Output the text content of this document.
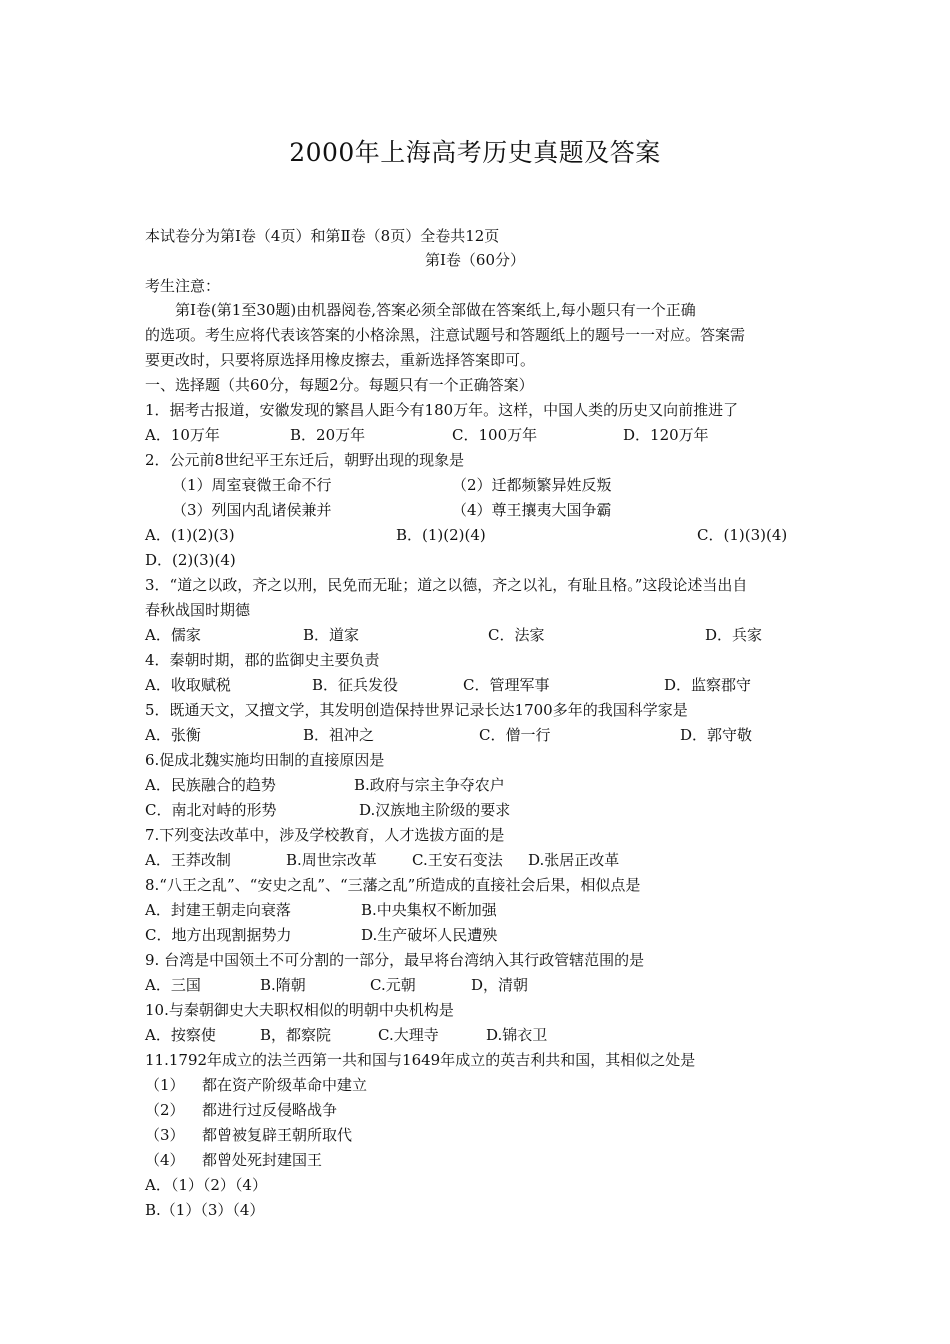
2000年上海高考历史真题及答案
本试卷分为第Ⅰ卷（4页）和第Ⅱ卷（8页）全卷共12页
第Ⅰ卷（60分）
考生注意：
第Ⅰ卷(第1至30题)由机器阅卷,答案必须全部做在答案纸上,每小题只有一个正确
的选项。考生应将代表该答案的小格涂黑，注意试题号和答题纸上的题号一一对应。答案需
要更改时，只要将原选择用橡皮擦去，重新选择答案即可。
一、选择题（共60分，每题2分。每题只有一个正确答案）
1．据考古报道，安徽发现的繁昌人距今有180万年。这样，中国人类的历史又向前推进了
A．10万年	B．20万年	C．100万年	D．120万年
2．公元前8世纪平王东迁后，朝野出现的现象是
（1）周室衰微王命不行	（2）迁都频繁异姓反叛
（3）列国内乱诸侯兼并	（4）尊王攘夷大国争霸
A．(1)(2)(3)	B．(1)(2)(4)	C．(1)(3)(4)
D．(2)(3)(4)
3．“道之以政，齐之以刑，民免而无耻；道之以德，齐之以礼，有耻且格。”这段论述当出自
春秋战国时期德
A．儒家	B．道家	C．法家	D．兵家
4．秦朝时期，郡的监御史主要负责
A．收取赋税	B．征兵发役	C．管理军事	D．监察郡守
5．既通天文，又擅文学，其发明创造保持世界记录长达1700多年的我国科学家是
A．张衡	B．祖冲之	C．僧一行	D．郭守敬
6.促成北魏实施均田制的直接原因是
A．民族融合的趋势	B.政府与宗主争夺农户
C．南北对峙的形势	D.汉族地主阶级的要求
7.下列变法改革中，涉及学校教育，人才选拔方面的是
A．王莽改制	B.周世宗改革 C.王安石变法 D.张居正改革
8.“八王之乱”、“安史之乱”、“三藩之乱”所造成的直接社会后果，相似点是
A．封建王朝走向衰落	B.中央集权不断加强
C．地方出现割据势力	D.生产破坏人民遭殃
9. 台湾是中国领土不可分割的一部分，最早将台湾纳入其行政管辖范围的是
A．三国	B.隋朝	C.元朝	D，清朝
10.与秦朝御史大夫职权相似的明朝中央机构是
A．按察使	B，都察院	C.大理寺	D.锦衣卫
11.1792年成立的法兰西第一共和国与1649年成立的英吉利共和国，其相似之处是
（1） 都在资产阶级革命中建立
（2） 都进行过反侵略战争
（3） 都曾被复辟王朝所取代
（4） 都曾处死封建国王
A．（1）（2）（4）
B.（1）（3）（4）
